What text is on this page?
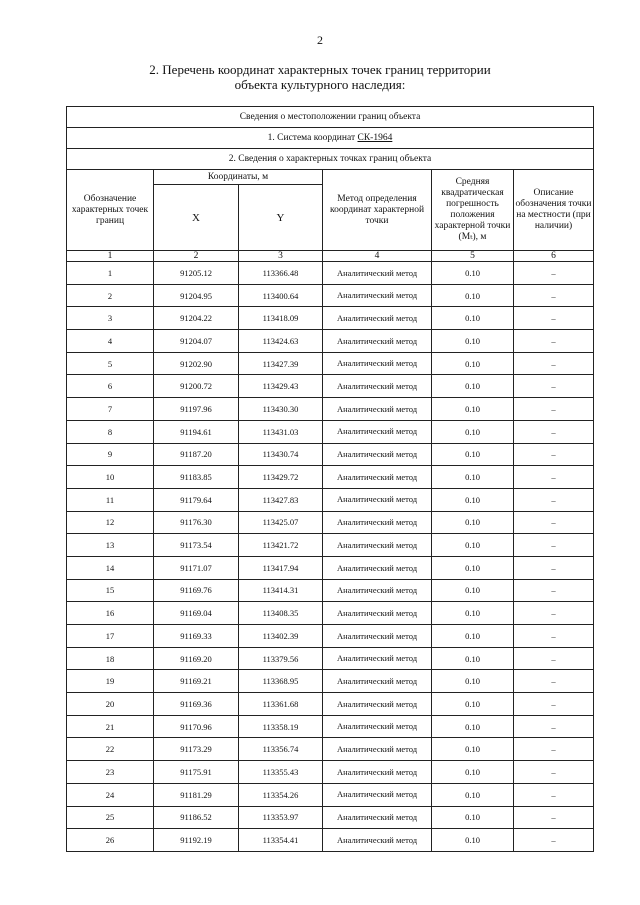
2
2. Перечень координат характерных точек границ территории
объекта культурного наследия:
Сведения о местоположении границ объекта					
1. Система координат СК-1964					
2. Сведения о характерных точках границ объекта					
Обозначение характерных точек границ	Координаты, м		Метод определения координат характерной точки	Средняя квадратическая погрешность положения характерной точки (Mₜ), м	Описание обозначения точки на местности (при наличии)
	X	Y			
1	2	3	4	5	6
1	91205.12	113366.48	Аналитический метод	0.10	–
2	91204.95	113400.64	Аналитический метод	0.10	–
3	91204.22	113418.09	Аналитический метод	0.10	–
4	91204.07	113424.63	Аналитический метод	0.10	–
5	91202.90	113427.39	Аналитический метод	0.10	–
6	91200.72	113429.43	Аналитический метод	0.10	–
7	91197.96	113430.30	Аналитический метод	0.10	–
8	91194.61	113431.03	Аналитический метод	0.10	–
9	91187.20	113430.74	Аналитический метод	0.10	–
10	91183.85	113429.72	Аналитический метод	0.10	–
11	91179.64	113427.83	Аналитический метод	0.10	–
12	91176.30	113425.07	Аналитический метод	0.10	–
13	91173.54	113421.72	Аналитический метод	0.10	–
14	91171.07	113417.94	Аналитический метод	0.10	–
15	91169.76	113414.31	Аналитический метод	0.10	–
16	91169.04	113408.35	Аналитический метод	0.10	–
17	91169.33	113402.39	Аналитический метод	0.10	–
18	91169.20	113379.56	Аналитический метод	0.10	–
19	91169.21	113368.95	Аналитический метод	0.10	–
20	91169.36	113361.68	Аналитический метод	0.10	–
21	91170.96	113358.19	Аналитический метод	0.10	–
22	91173.29	113356.74	Аналитический метод	0.10	–
23	91175.91	113355.43	Аналитический метод	0.10	–
24	91181.29	113354.26	Аналитический метод	0.10	–
25	91186.52	113353.97	Аналитический метод	0.10	–
26	91192.19	113354.41	Аналитический метод	0.10	–
